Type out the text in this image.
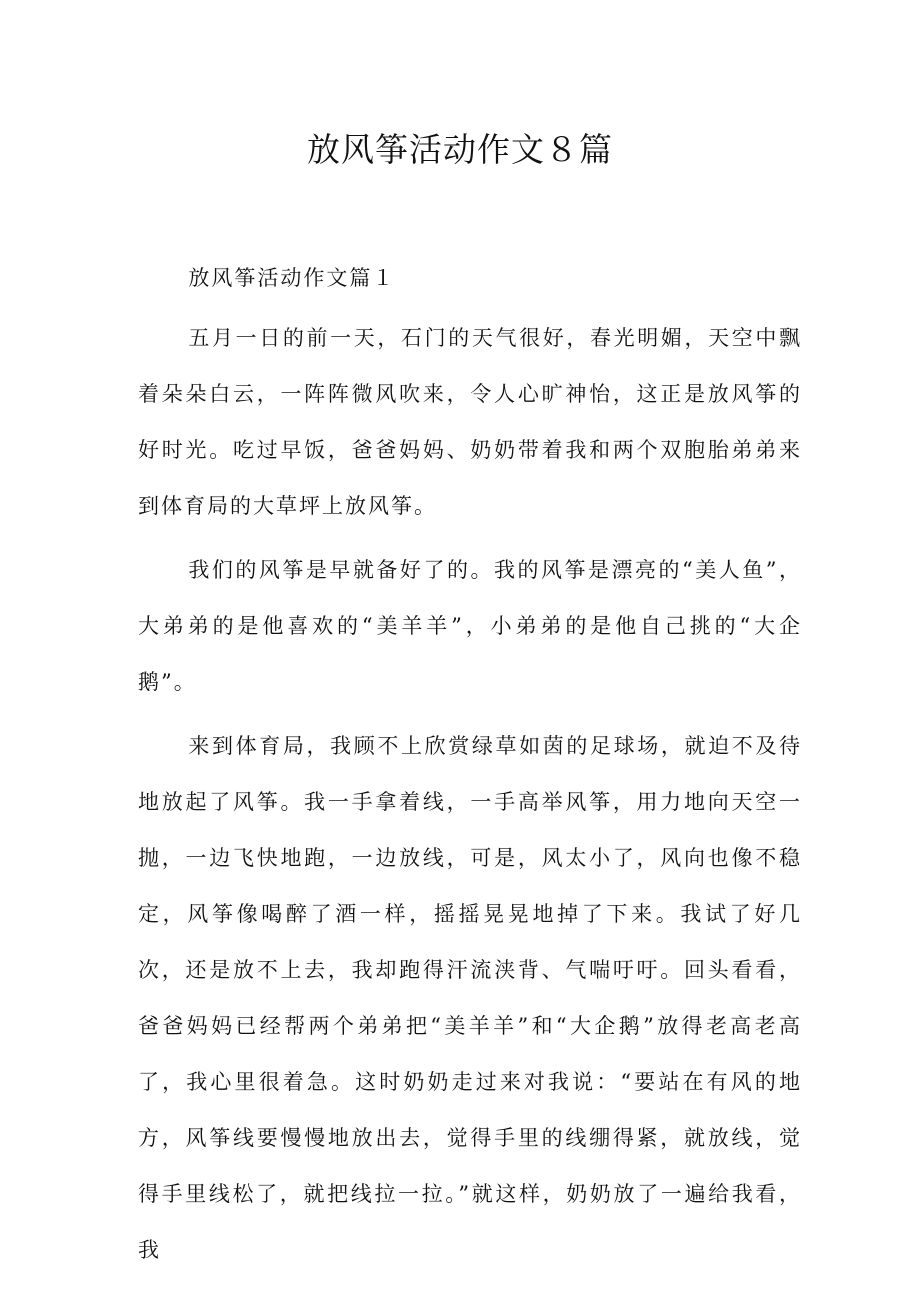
放风筝活动作文８篇

放风筝活动作文篇１

五月一日的前一天，石门的天气很好，春光明媚，天空中飘着朵朵白云，一阵阵微风吹来，令人心旷神怡，这正是放风筝的好时光。吃过早饭，爸爸妈妈、奶奶带着我和两个双胞胎弟弟来到体育局的大草坪上放风筝。

我们的风筝是早就备好了的。我的风筝是漂亮的“美人鱼”，大弟弟的是他喜欢的“美羊羊”，小弟弟的是他自己挑的“大企鹅”。

来到体育局，我顾不上欣赏绿草如茵的足球场，就迫不及待地放起了风筝。我一手拿着线，一手高举风筝，用力地向天空一抛，一边飞快地跑，一边放线，可是，风太小了，风向也像不稳定，风筝像喝醉了酒一样，摇摇晃晃地掉了下来。我试了好几次，还是放不上去，我却跑得汗流浃背、气喘吁吁。回头看看，爸爸妈妈已经帮两个弟弟把“美羊羊”和“大企鹅”放得老高老高了，我心里很着急。这时奶奶走过来对我说：“要站在有风的地方，风筝线要慢慢地放出去，觉得手里的线绷得紧，就放线，觉得手里线松了，就把线拉一拉。”就这样，奶奶放了一遍给我看，我
